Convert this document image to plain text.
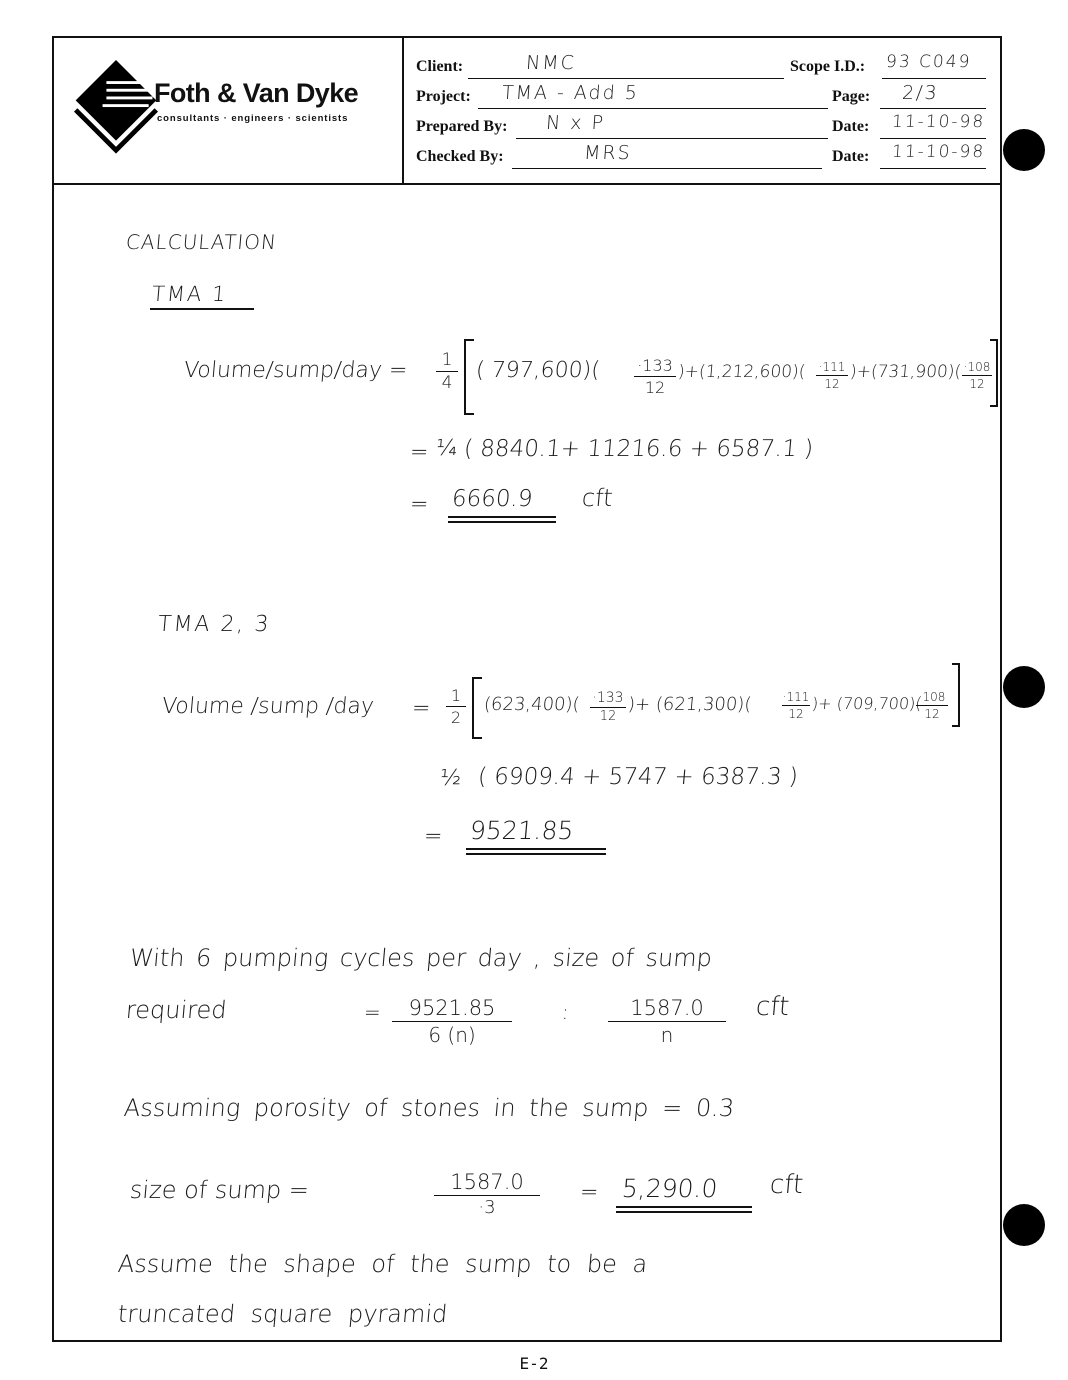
Foth & Van Dyke
consultants · engineers · scientists
Client:	NMC
Project: TMA - Add 5
Prepared By: N x P
Checked By:	MRS
Scope I.D.: 93 C049
Page: 2/3
Date: 11-10-98
Date: 11-10-98
CALCULATION
TMA 1
Volume/sump/day =	1
4 ( 797,600)( ·133
12
)+(1,212,600)( ·111
12
)+(731,900)( ·108
12
= ¼ ( 8840.1+ 11216.6 + 6587.1 )
= 6660.9 cft
TMA 2, 3
Volume /sump /day =
1
2
(623,400)( ·133
12
)+ (621,300)(	·111
12
)+ (709,700)(
·108
12
½ ( 6909.4 + 5747 + 6387.3 )
= 9521.85
With 6 pumping cycles per day , size of sump
required	=	9521.85
6 (n)
:	1587.0
n
cft
Assuming porosity of stones in the sump = 0.3
size of sump =	1587.0
·3
= 5,290.0 cft
Assume the shape of the sump to be a
truncated square pyramid
E-2
